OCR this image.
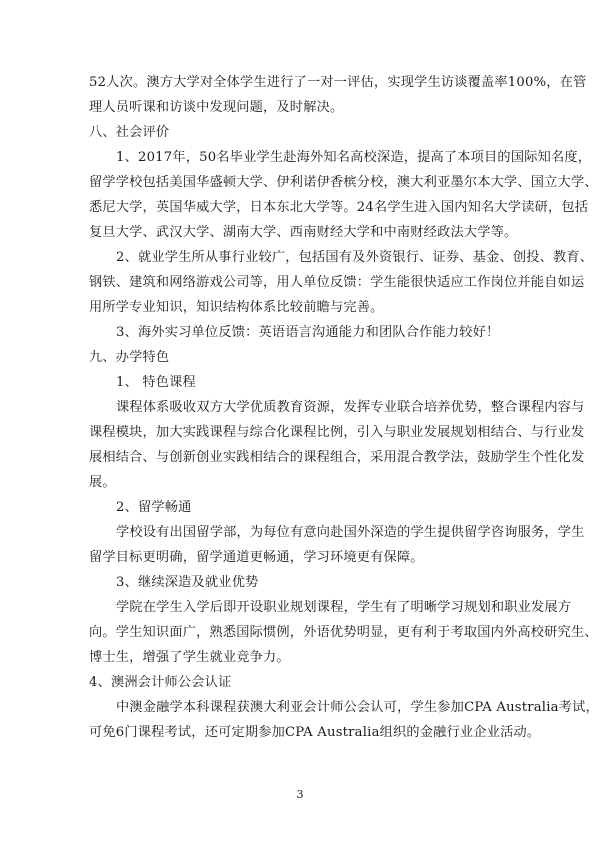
52人次。澳方大学对全体学生进行了一对一评估，实现学生访谈覆盖率100%，在管
理人员听课和访谈中发现问题，及时解决。
八、社会评价
1、2017年，50名毕业学生赴海外知名高校深造，提高了本项目的国际知名度，
留学学校包括美国华盛顿大学、伊利诺伊香槟分校，澳大利亚墨尔本大学、国立大学、
悉尼大学，英国华威大学，日本东北大学等。24名学生进入国内知名大学读研，包括
复旦大学、武汉大学、湖南大学、西南财经大学和中南财经政法大学等。
2、就业学生所从事行业较广，包括国有及外资银行、证券、基金、创投、教育、
钢铁、建筑和网络游戏公司等，用人单位反馈：学生能很快适应工作岗位并能自如运
用所学专业知识，知识结构体系比较前瞻与完善。
3、海外实习单位反馈：英语语言沟通能力和团队合作能力较好！
九、办学特色
1、 特色课程
课程体系吸收双方大学优质教育资源，发挥专业联合培养优势，整合课程内容与
课程模块，加大实践课程与综合化课程比例，引入与职业发展规划相结合、与行业发
展相结合、与创新创业实践相结合的课程组合，采用混合教学法，鼓励学生个性化发
展。
2、留学畅通
学校设有出国留学部，为每位有意向赴国外深造的学生提供留学咨询服务，学生
留学目标更明确，留学通道更畅通，学习环境更有保障。
3、继续深造及就业优势
学院在学生入学后即开设职业规划课程，学生有了明晰学习规划和职业发展方
向。学生知识面广，熟悉国际惯例，外语优势明显，更有利于考取国内外高校研究生、
博士生，增强了学生就业竞争力。
4、澳洲会计师公会认证
中澳金融学本科课程获澳大利亚会计师公会认可，学生参加CPA Australia考试，
可免6门课程考试，还可定期参加CPA Australia组织的金融行业企业活动。
3
